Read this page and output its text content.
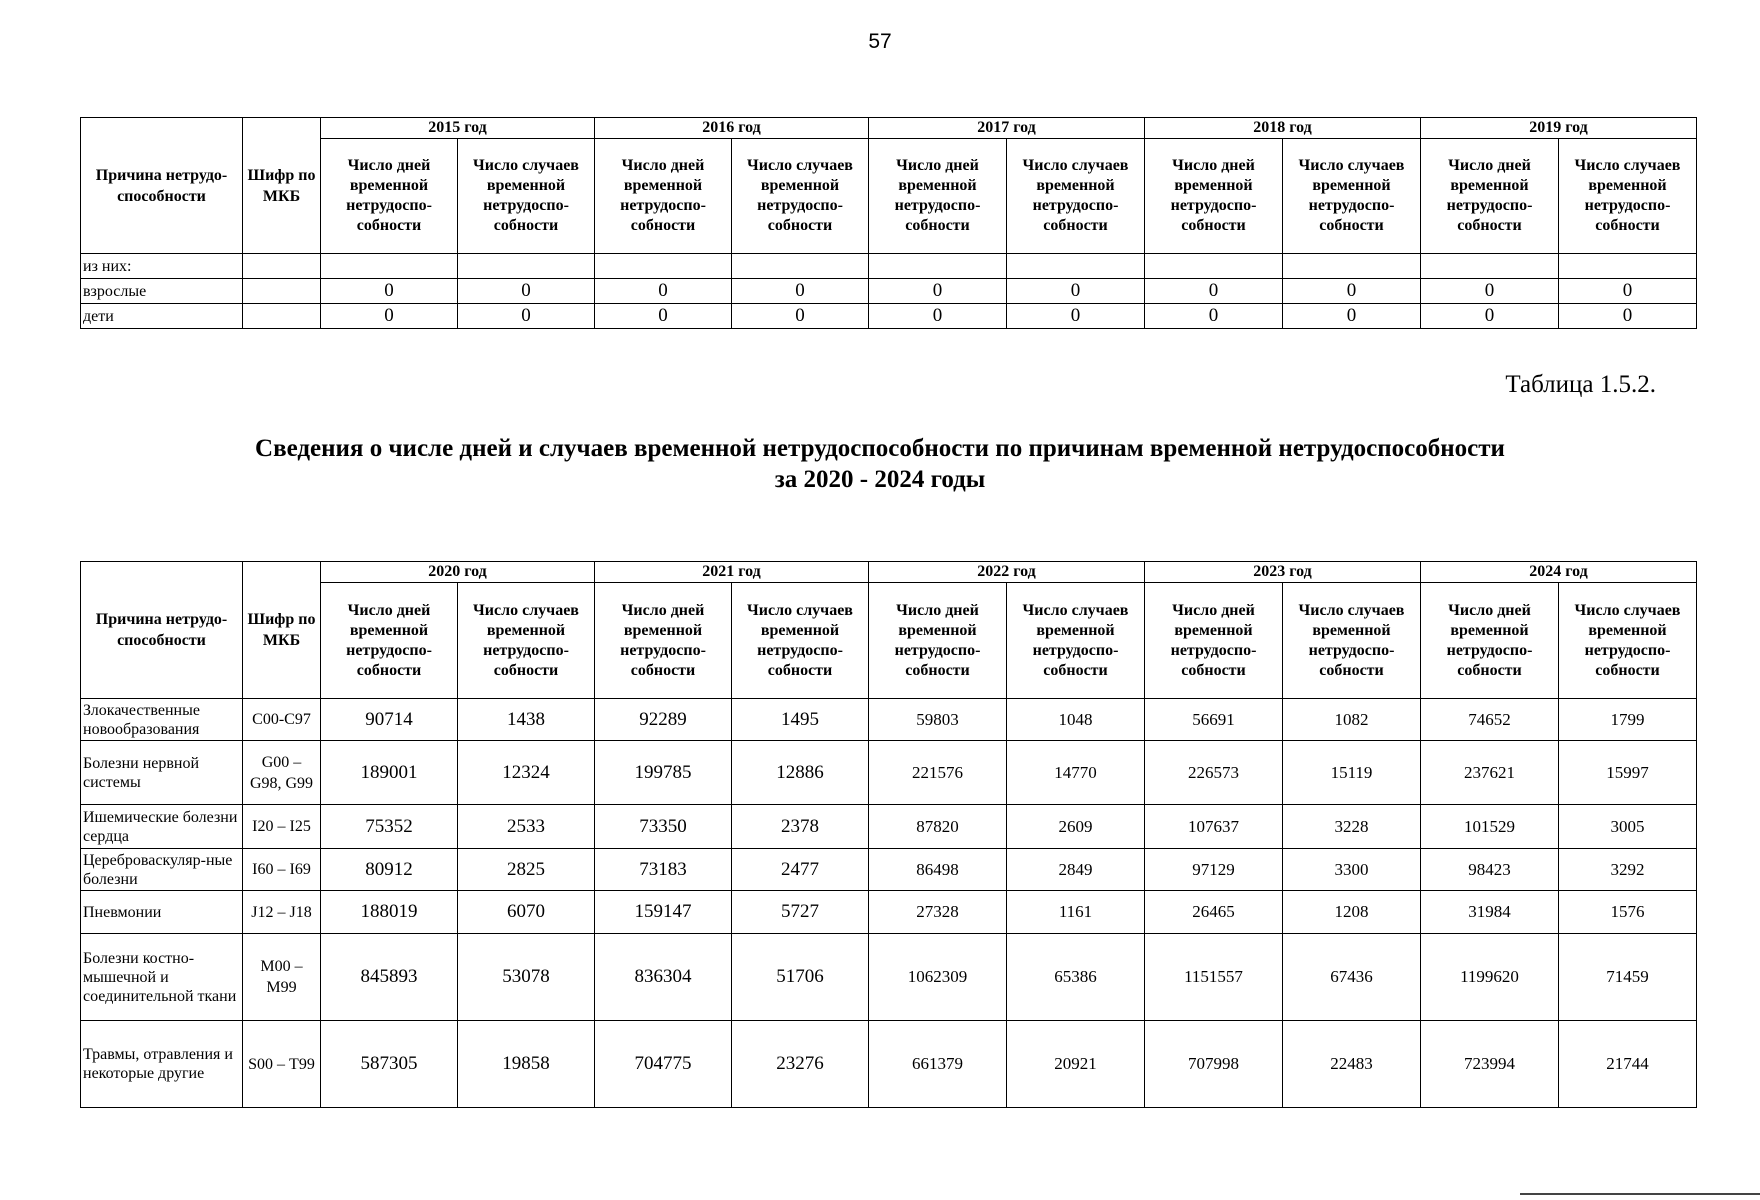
57
Причина нетрудо-способности	Шифр по МКБ	2015 год		2016 год		2017 год		2018 год		2019 год	
		Число дней временной нетрудоспо-собности	Число случаев временной нетрудоспо-собности	Число дней временной нетрудоспо-собности	Число случаев временной нетрудоспо-собности	Число дней временной нетрудоспо-собности	Число случаев временной нетрудоспо-собности	Число дней временной нетрудоспо-собности	Число случаев временной нетрудоспо-собности	Число дней временной нетрудоспо-собности	Число случаев временной нетрудоспо-собности
из них:											
взрослые		0	0	0	0	0	0	0	0	0	0
дети		0	0	0	0	0	0	0	0	0	0
Таблица 1.5.2.
Сведения о числе дней и случаев временной нетрудоспособности по причинам временной нетрудоспособности
за 2020 - 2024 годы
Причина нетрудо-способности	Шифр по МКБ	2020 год		2021 год		2022 год		2023 год		2024 год	
		Число дней временной нетрудоспо-собности	Число случаев временной нетрудоспо-собности	Число дней временной нетрудоспо-собности	Число случаев временной нетрудоспо-собности	Число дней временной нетрудоспо-собности	Число случаев временной нетрудоспо-собности	Число дней временной нетрудоспо-собности	Число случаев временной нетрудоспо-собности	Число дней временной нетрудоспо-собности	Число случаев временной нетрудоспо-собности
Злокачественные новообразования	С00-С97	90714	1438	92289	1495	59803	1048	56691	1082	74652	1799
Болезни нервной системы	G00 – G98, G99	189001	12324	199785	12886	221576	14770	226573	15119	237621	15997
Ишемические болезни сердца	I20 – I25	75352	2533	73350	2378	87820	2609	107637	3228	101529	3005
Цереброваскуляр-ные болезни	I60 – I69	80912	2825	73183	2477	86498	2849	97129	3300	98423	3292
Пневмонии	J12 – J18	188019	6070	159147	5727	27328	1161	26465	1208	31984	1576
Болезни костно-мышечной и соединительной ткани	М00 – М99	845893	53078	836304	51706	1062309	65386	1151557	67436	1199620	71459
Травмы, отравления и некоторые другие	S00 – Т99	587305	19858	704775	23276	661379	20921	707998	22483	723994	21744
